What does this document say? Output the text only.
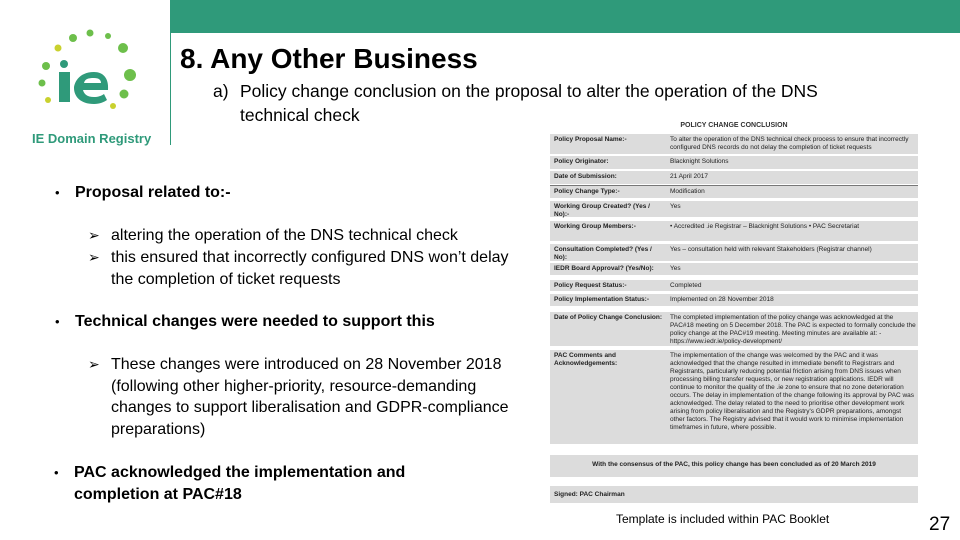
IE Domain Registry
8. Any Other Business
a) Policy change conclusion on the proposal to alter the operation of the DNS
technical check
• Proposal related to:-
➢ altering the operation of the DNS technical check
➢ this ensured that incorrectly configured DNS won’t delay the completion of ticket requests
• Technical changes were needed to support this
➢ These changes were introduced on 28 November 2018 (following other higher-priority, resource-demanding changes to support liberalisation and GDPR-compliance preparations)
• PAC acknowledged the implementation and
completion at PAC#18
POLICY CHANGE CONCLUSION
Policy Proposal Name:-	To alter the operation of the DNS technical check process to ensure that incorrectly configured DNS records do not delay the completion of ticket requests
Policy Originator:	Blacknight Solutions
Date of Submission:	21 April 2017
Policy Change Type:-	Modification
Working Group Created? (Yes / No):-
Yes
Working Group Members:-	• Accredited .ie Registrar – Blacknight Solutions • PAC Secretariat
Consultation Completed? (Yes / No):
Yes – consultation held with relevant Stakeholders (Registrar channel)
IEDR Board Approval? (Yes/No):	Yes
Policy Request Status:-	Completed
Policy Implementation Status:-	Implemented on 28 November 2018
Date of Policy Change Conclusion: The completed implementation of the policy change was acknowledged at the PAC#18 meeting on 5 December 2018. The PAC is expected to formally conclude the policy change at the PAC#19 meeting. Meeting minutes are available at: - https://www.iedr.ie/policy-development/
PAC Comments and Acknowledgements:
The implementation of the change was welcomed by the PAC and it was acknowledged that the change resulted in immediate benefit to Registrars and Registrants, particularly reducing potential friction arising from DNS issues when processing billing transfer requests, or new registration applications. IEDR will continue to monitor the quality of the .ie zone to ensure that no zone deterioration occurs. The delay in implementation of the change following its approval by PAC was acknowledged. The delay related to the need to prioritise other development work arising from policy liberalisation and the Registry's GDPR preparations, amongst other factors. The Registry advised that it would work to minimise implementation timeframes in future, where possible.
With the consensus of the PAC, this policy change has been concluded as of 20 March 2019
Signed: PAC Chairman
Template is included within PAC Booklet	27
